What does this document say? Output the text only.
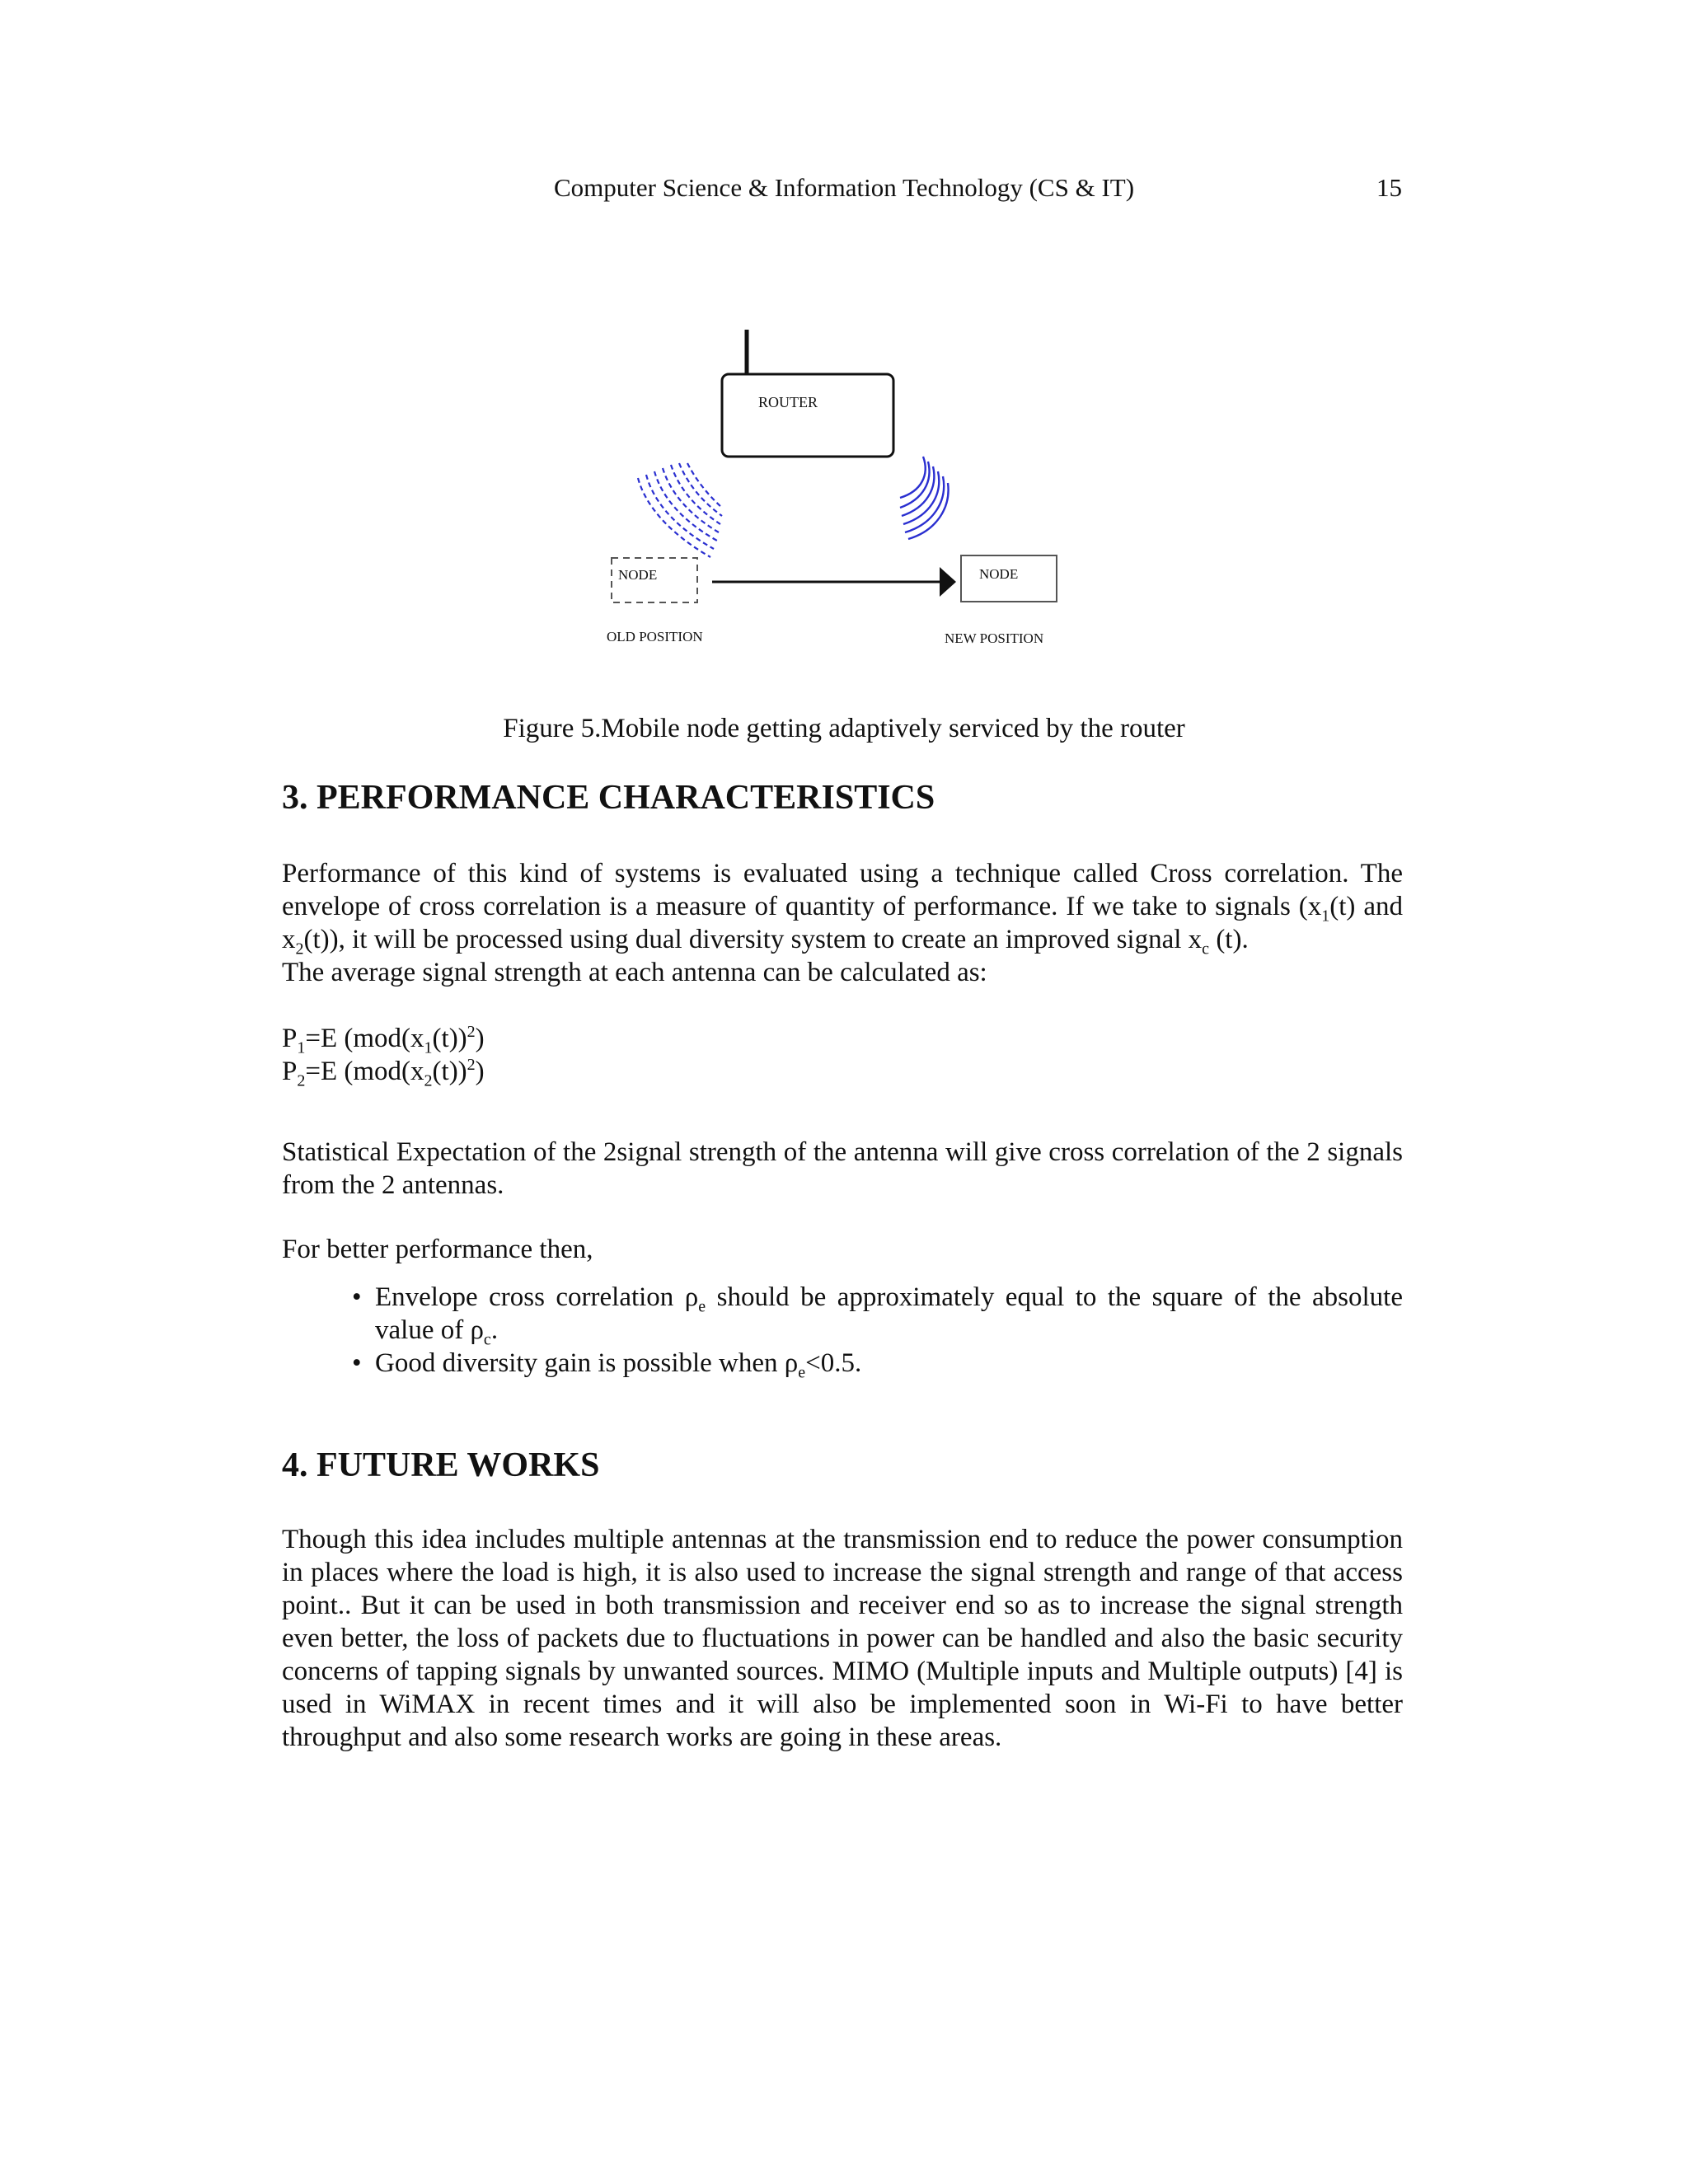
Computer Science & Information Technology (CS & IT)	15
ROUTER
NODE	NODE
OLD POSITION	NEW POSITION
Figure 5.Mobile node getting adaptively serviced by the router
3. PERFORMANCE CHARACTERISTICS

Performance of this kind of systems is evaluated using a technique called Cross correlation. The envelope of cross correlation is a measure of quantity of performance. If we take to signals ($x_1(t)$ and $x_2(t)$), it will be processed using dual diversity system to create an improved signal $x_c$ (t).

The average signal strength at each antenna can be calculated as:

$P_1=E$ $(mod(x_1(t))^2)$
$P_2=E$ $(mod(x_2(t))^2)$

Statistical Expectation of the 2signal strength of the antenna will give cross correlation of the 2 signals from the 2 antennas.

For better performance then,
• Envelope cross correlation $\rho_e$ should be approximately equal to the square of the absolute value of $\rho_c$.
• Good diversity gain is possible when $\rho_e<0.5$.
4. FUTURE WORKS

Though this idea includes multiple antennas at the transmission end to reduce the power consumption in places where the load is high, it is also used to increase the signal strength and range of that access point.. But it can be used in both transmission and receiver end so as to increase the signal strength even better, the loss of packets due to fluctuations in power can be handled and also the basic security concerns of tapping signals by unwanted sources. MIMO (Multiple inputs and Multiple outputs) [4] is used in WiMAX in recent times and it will also be implemented soon in Wi-Fi to have better throughput and also some research works are going in these areas.
